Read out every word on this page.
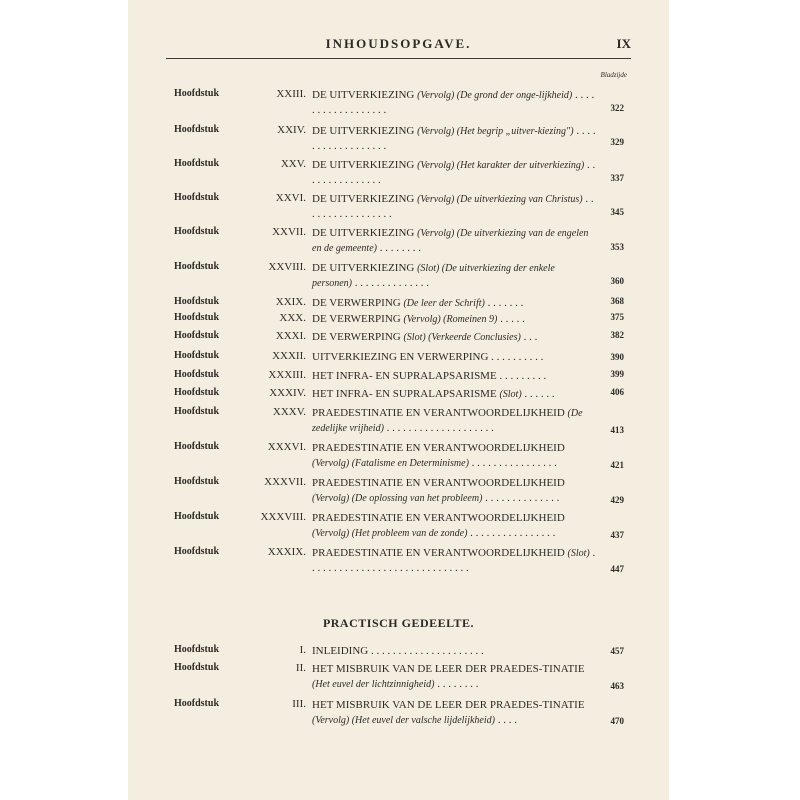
INHOUDSOPGAVE.	IX
Bladzijde
Hoofdstuk	XXIII. DE UITVERKIEZING (Vervolg) (De grond der onge-lijkheid) . . . . . . . . . . . . . . . . . .	322
Hoofdstuk	XXIV. DE UITVERKIEZING (Vervolg) (Het begrip „uitver-kiezing") . . . . . . . . . . . . . . . . . .	329
Hoofdstuk	XXV. DE UITVERKIEZING (Vervolg) (Het karakter der uitverkiezing) . . . . . . . . . . . . . . .	337
Hoofdstuk	XXVI. DE UITVERKIEZING (Vervolg) (De uitverkiezing van Christus) . . . . . . . . . . . . . . . . .	345
Hoofdstuk	XXVII. DE UITVERKIEZING (Vervolg) (De uitverkiezing van de engelen en de gemeente) . . . . . . . .	353
Hoofdstuk	XXVIII. DE UITVERKIEZING (Slot) (De uitverkiezing der enkele personen) . . . . . . . . . . . . . .	360
Hoofdstuk	XXIX. DE VERWERPING (De leer der Schrift) . . . . . . .	368
Hoofdstuk	XXX. DE VERWERPING (Vervolg) (Romeinen 9) . . . . .	375
Hoofdstuk	XXXI. DE VERWERPING (Slot) (Verkeerde Conclusies) . . .	382
Hoofdstuk	XXXII. UITVERKIEZING EN VERWERPING . . . . . . . . . .	390
Hoofdstuk	XXXIII. HET INFRA- EN SUPRALAPSARISME . . . . . . . . .	399
Hoofdstuk	XXXIV. HET INFRA- EN SUPRALAPSARISME (Slot) . . . . . .	406
Hoofdstuk	XXXV. PRAEDESTINATIE EN VERANTWOORDELIJKHEID (De zedelijke vrijheid) . . . . . . . . . . . . . . . . . . . .	413
Hoofdstuk	XXXVI. PRAEDESTINATIE EN VERANTWOORDELIJKHEID (Vervolg) (Fatalisme en Determinisme) . . . . . . . . . . . . . . . .	421
Hoofdstuk	XXXVII. PRAEDESTINATIE EN VERANTWOORDELIJKHEID (Vervolg) (De oplossing van het probleem) . . . . . . . . . . . . . .	429
Hoofdstuk	XXXVIII. PRAEDESTINATIE EN VERANTWOORDELIJKHEID (Vervolg) (Het probleem van de zonde) . . . . . . . . . . . . . . . .	437
Hoofdstuk	XXXIX. PRAEDESTINATIE EN VERANTWOORDELIJKHEID (Slot) . . . . . . . . . . . . . . . . . . . . . . . . . . . . . .	447
Hoofdstuk	I. INLEIDING . . . . . . . . . . . . . . . . . . . . .	457
Hoofdstuk	II. HET MISBRUIK VAN DE LEER DER PRAEDES-TINATIE (Het euvel der lichtzinnigheid) . . . . . . . .	463
Hoofdstuk	III. HET MISBRUIK VAN DE LEER DER PRAEDES-TINATIE (Vervolg) (Het euvel der valsche lijdelijkheid) . . . .	470
PRACTISCH GEDEELTE.
